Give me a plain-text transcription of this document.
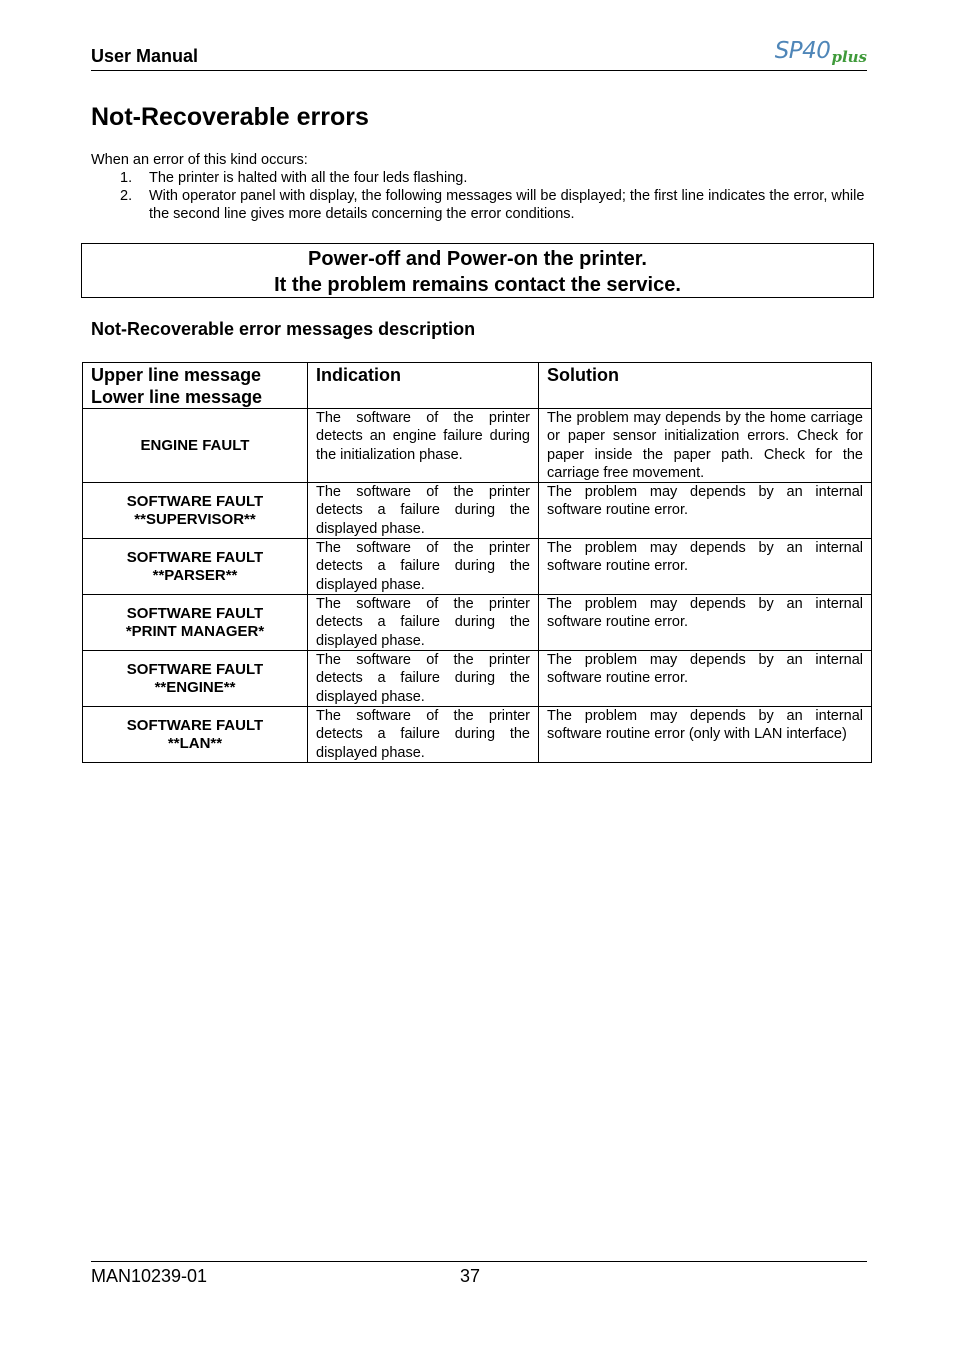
User Manual	SP40plus
Not-Recoverable errors

When an error of this kind occurs:

1. The printer is halted with all the four leds flashing.
2. With operator panel with display, the following messages will be displayed; the first line indicates the error, while the second line gives more details concerning the error conditions.
Power-off and Power-on the printer.
It the problem remains contact the service.
Not-Recoverable error messages description
Upper line message
Lower line message	Indication	Solution

ENGINE FAULT	The software of the printer detects an engine failure during the initialization phase.	The problem may depends by the home carriage or paper sensor initialization errors. Check for paper inside the paper path. Check for the carriage free movement.

SOFTWARE FAULT
**SUPERVISOR**	The software of the printer detects a failure during the displayed phase.	The problem may depends by an internal software routine error.

SOFTWARE FAULT
**PARSER**	The software of the printer detects a failure during the displayed phase.	The problem may depends by an internal software routine error.

SOFTWARE FAULT
*PRINT MANAGER*	The software of the printer detects a failure during the displayed phase.	The problem may depends by an internal software routine error.

SOFTWARE FAULT
**ENGINE**	The software of the printer detects a failure during the displayed phase.	The problem may depends by an internal software routine error.

SOFTWARE FAULT
**LAN**	The software of the printer detects a failure during the displayed phase.	The problem may depends by an internal software routine error (only with LAN interface)
MAN10239-01	37
